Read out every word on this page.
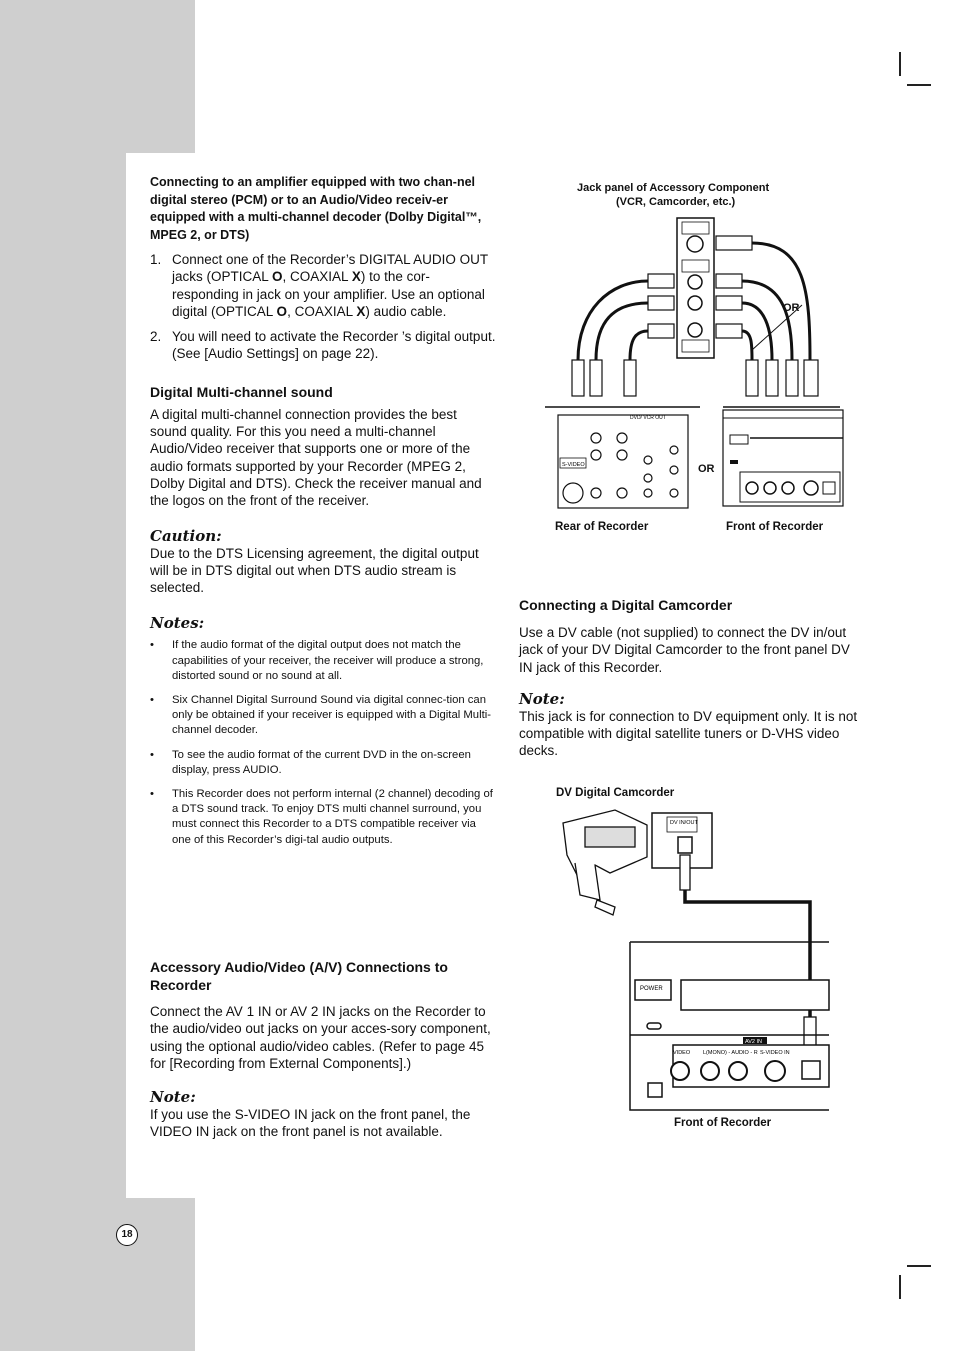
Connecting to an amplifier equipped with two chan-nel digital stereo (PCM) or to an Audio/Video receiv-er equipped with a multi-channel decoder (Dolby Digital™, MPEG 2, or DTS)

1. Connect one of the Recorder’s DIGITAL AUDIO OUT jacks (OPTICAL O, COAXIAL X) to the cor-responding in jack on your amplifier. Use an optional digital (OPTICAL O, COAXIAL X) audio cable.
2. You will need to activate the Recorder ’s digital output. (See [Audio Settings] on page 22).

Digital Multi-channel sound

A digital multi-channel connection provides the best sound quality. For this you need a multi-channel Audio/Video receiver that supports one or more of the audio formats supported by your Recorder (MPEG 2, Dolby Digital and DTS). Check the receiver manual and the logos on the front of the receiver.

Caution:

Due to the DTS Licensing agreement, the digital output will be in DTS digital out when DTS audio stream is selected.

Notes:

• If the audio format of the digital output does not match the capabilities of your receiver, the receiver will produce a strong, distorted sound or no sound at all.
• Six Channel Digital Surround Sound via digital connec-tion can only be obtained if your receiver is equipped with a Digital Multi-channel decoder.
• To see the audio format of the current DVD in the on-screen display, press AUDIO.
• This Recorder does not perform internal (2 channel) decoding of a DTS sound track. To enjoy DTS multi channel surround, you must connect this Recorder to a DTS compatible receiver via one of this Recorder’s digi-tal audio outputs.

Accessory Audio/Video (A/V) Connections to Recorder

Connect the AV 1 IN or AV 2 IN jacks on the Recorder to the audio/video out jacks on your acces-sory component, using the optional audio/video cables. (Refer to page 45 for [Recording from External Components].)

Note:

If you use the S-VIDEO IN jack on the front panel, the VIDEO IN jack on the front panel is not available.

Jack panel of Accessory Component
(VCR, Camcorder, etc.)
OR
DVD/ VCR OUT
S-VIDEO	OR
Rear of Recorder	Front of Recorder

Connecting a Digital Camcorder

Use a DV cable (not supplied) to connect the DV in/out jack of your DV Digital Camcorder to the front panel DV IN jack of this Recorder.

Note:

This jack is for connection to DV equipment only. It is not compatible with digital satellite tuners or D-VHS video decks.

DV Digital Camcorder
DV IN/OUT
POWER
AV2 IN
VIDEO L(MONO) - AUDIO - R S-VIDEO IN
Front of Recorder
18
